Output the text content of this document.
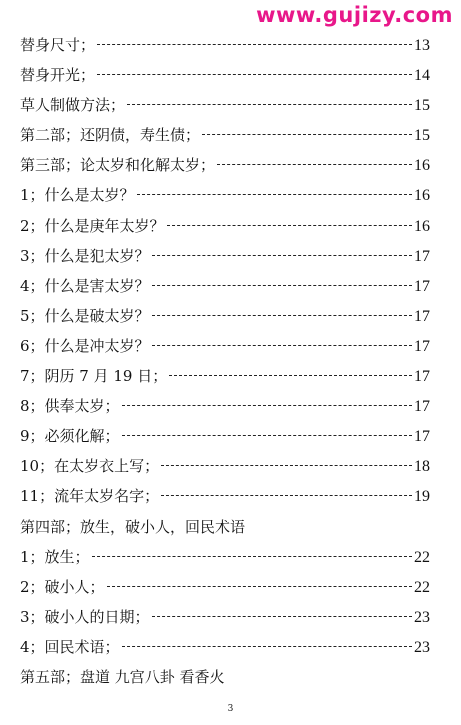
www.gujizy.com
替身尺寸；	13
替身开光；	14
草人制做方法；	15
第二部；还阴债，寿生债；	15
第三部；论太岁和化解太岁；	16
1；什么是太岁？	16
2；什么是庚年太岁？	16
3；什么是犯太岁？	17
4；什么是害太岁？	17
5；什么是破太岁？	17
6；什么是冲太岁？	17
7；阴历 7 月 19 日；	17
8；供奉太岁；	17
9；必须化解；	17
10；在太岁衣上写；	18
11；流年太岁名字；	19
第四部；放生，破小人，回民术语
1；放生；	22
2；破小人；	22
3；破小人的日期；	23
4；回民术语；	23
第五部；盘道 九宫八卦 看香火
3
